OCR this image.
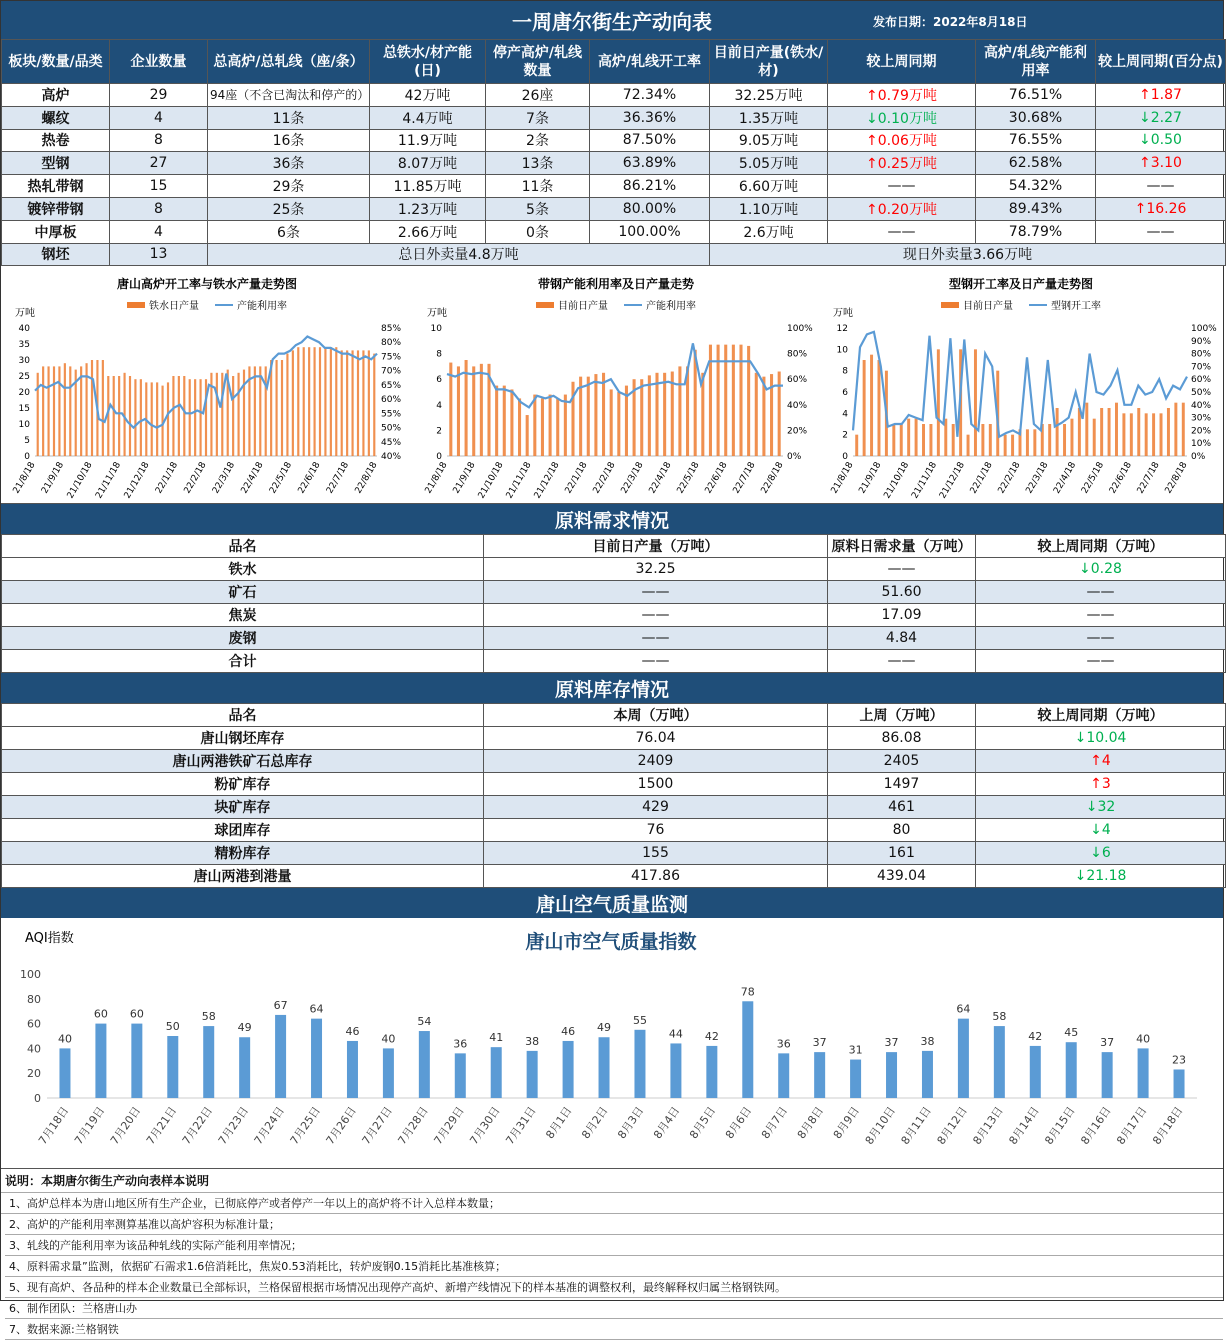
一周唐尔街生产动向表	发布日期：2022年8月18日
板块/数量/品类	企业数量	总高炉/总轧线（座/条）	总铁水/材产能(日)	停产高炉/轧线数量	高炉/轧线开工率	目前日产量(铁水/材)	较上周同期	高炉/轧线产能利用率	较上周同期(百分点)
高炉	29	94座（不含已淘汰和停产的）	42万吨	26座	72.34%	32.25万吨	↑0.79万吨	76.51%	↑1.87
螺纹	4	11条	4.4万吨	7条	36.36%	1.35万吨	↓0.10万吨	30.68%	↓2.27
热卷	8	16条	11.9万吨	2条	87.50%	9.05万吨	↑0.06万吨	76.55%	↓0.50
型钢	27	36条	8.07万吨	13条	63.89%	5.05万吨	↑0.25万吨	62.58%	↑3.10
热轧带钢	15	29条	11.85万吨	11条	86.21%	6.60万吨	——	54.32%	——
镀锌带钢	8	25条	1.23万吨	5条	80.00%	1.10万吨	↑0.20万吨	89.43%	↑16.26
中厚板	4	6条	2.66万吨	0条	100.00%	2.6万吨	——	78.79%	——
钢坯	13	总日外卖量4.8万吨				现日外卖量3.66万吨			
唐山高炉开工率与铁水产量走势图
铁水日产量	产能利用率
万吨
0
5
10
15
20
25
30
35
40
40%
45%
50%
55%
60%
65%
70%
75%
80%
85%
21/8/18 21/9/18 21/10/18 21/11/18 21/12/18 22/1/18 22/2/18 22/3/18 22/4/18 22/5/18 22/6/18 22/7/18 22/8/18
带钢产能利用率及日产量走势
目前日产量	产能利用率
万吨
0
2
4
6
8
10
0%
20%
40%
60%
80%
100%
21/8/18 21/9/18 21/10/18 21/11/18 21/12/18 22/1/18 22/2/18 22/3/18 22/4/18 22/5/18 22/6/18 22/7/18 22/8/18
型钢开工率及日产量走势图
目前日产量	型钢开工率
万吨
0
2
4
6
8
10
12
0%
10%
20%
30%
40%
50%
60%
70%
80%
90%
100%
21/8/18 21/9/18
21/10/18
21/11/18
21/12/18 22/1/18 22/2/18 22/3/18 22/4/18 22/5/18 22/6/18 22/7/18 22/8/18
原料需求情况
品名	目前日产量（万吨）	原料日需求量（万吨）	较上周同期（万吨）
铁水	32.25	——	↓0.28
矿石	——	51.60	——
焦炭	——	17.09	——
废钢	——	4.84	——
合计	——	——	——
原料库存情况
品名	本周（万吨）	上周（万吨）	较上周同期（万吨）
唐山钢坯库存	76.04	86.08	↓10.04
唐山两港铁矿石总库存	2409	2405	↑4
粉矿库存	1500	1497	↑3
块矿库存	429	461	↓32
球团库存	76	80	↓4
精粉库存	155	161	↓6
唐山两港到港量	417.86	439.04	↓21.18
唐山空气质量监测
唐山市空气质量指数
AQI指数
0
20
40
60
80
100
40
7月18日
60
7月19日
60
7月20日
50
7月21日
58
7月22日
49
7月23日
67
7月24日
64
7月25日
46
7月26日
40
7月27日
54
7月28日
36
7月29日
41
7月30日
38
7月31日
46
8月1日
49
8月2日
55
8月3日
44
8月4日
42
8月5日
78
8月6日
36
8月7日
37
8月8日
31
8月9日
37
8月10日
38
8月11日
64
8月12日
58
8月13日
42
8月14日
45
8月15日
37
8月16日
40
8月17日
23
8月18日
说明：本期唐尔街生产动向表样本说明
1、高炉总样本为唐山地区所有生产企业，已彻底停产或者停产一年以上的高炉将不计入总样本数量；
2、高炉的产能利用率测算基准以高炉容积为标准计量；
3、轧线的产能利用率为该品种轧线的实际产能利用率情况；
4、原料需求量”监测，依据矿石需求1.6倍消耗比，焦炭0.53消耗比，转炉废钢0.15消耗比基准核算；
5、现有高炉、各品种的样本企业数量已全部标识，兰格保留根据市场情况出现停产高炉、新增产线情况下的样本基准的调整权利，最终解释权归属兰格钢铁网。
6、制作团队：兰格唐山办
7、数据来源:兰格钢铁
